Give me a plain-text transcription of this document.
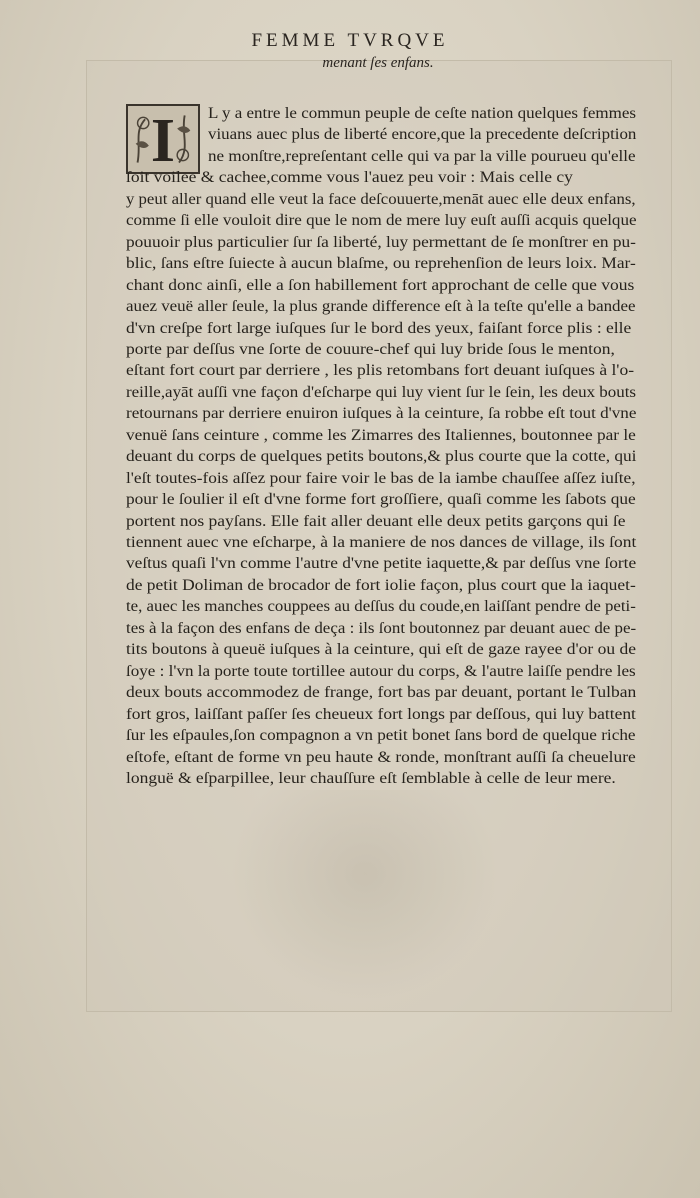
FEMME TVRQVE
menant ſes enfans.
I	L y a entre le commun peuple de ceſte nation quelques femmes
viuans auec plus de liberté encore,que la precedente deſcription
ne monſtre,repreſentant celle qui va par la ville pourueu qu'elle
ſoit voilee & cachee,comme vous l'auez peu voir : Mais celle cy
y peut aller quand elle veut la face deſcouuerte,menāt auec elle deux enfans,
comme ſi elle vouloit dire que le nom de mere luy euſt auſſi acquis quelque
pouuoir plus particulier ſur ſa liberté, luy permettant de ſe monſtrer en pu-
blic, ſans eſtre ſuiecte à aucun blaſme, ou reprehenſion de leurs loix. Mar-
chant donc ainſi, elle a ſon habillement fort approchant de celle que vous
auez veuë aller ſeule, la plus grande difference eſt à la teſte qu'elle a bandee
d'vn creſpe fort large iuſques ſur le bord des yeux, faiſant force plis : elle
porte par deſſus vne ſorte de couure-chef qui luy bride ſous le menton,
eſtant fort court par derriere , les plis retombans fort deuant iuſques à l'o-
reille,ayāt auſſi vne façon d'eſcharpe qui luy vient ſur le ſein, les deux bouts
retournans par derriere enuiron iuſques à la ceinture, ſa robbe eſt tout d'vne
venuë ſans ceinture , comme les Zimarres des Italiennes, boutonnee par le
deuant du corps de quelques petits boutons,& plus courte que la cotte, qui
l'eſt toutes-fois aſſez pour faire voir le bas de la iambe chauſſee aſſez iuſte,
pour le ſoulier il eſt d'vne forme fort groſſiere, quaſi comme les ſabots que
portent nos payſans. Elle fait aller deuant elle deux petits garçons qui ſe
tiennent auec vne eſcharpe, à la maniere de nos dances de village, ils ſont
veſtus quaſi l'vn comme l'autre d'vne petite iaquette,& par deſſus vne ſorte
de petit Doliman de brocador de fort iolie façon, plus court que la iaquet-
te, auec les manches couppees au deſſus du coude,en laiſſant pendre de peti-
tes à la façon des enfans de deça : ils ſont boutonnez par deuant auec de pe-
tits boutons à queuë iuſques à la ceinture, qui eſt de gaze rayee d'or ou de
ſoye : l'vn la porte toute tortillee autour du corps, & l'autre laiſſe pendre les
deux bouts accommodez de frange, fort bas par deuant, portant le Tulban
fort gros, laiſſant paſſer ſes cheueux fort longs par deſſous, qui luy battent
ſur les eſpaules,ſon compagnon a vn petit bonet ſans bord de quelque riche
eſtofe, eſtant de forme vn peu haute & ronde, monſtrant auſſi ſa cheuelure
longuë & eſparpillee, leur chauſſure eſt ſemblable à celle de leur mere.
